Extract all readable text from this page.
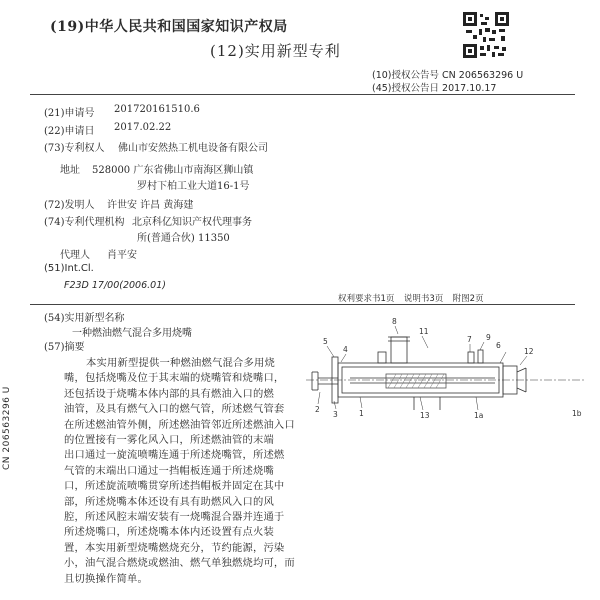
(19)中华人民共和国国家知识产权局
(12)实用新型专利
(10)授权公告号 CN 206563296 U
(45)授权公告日 2017.10.17
(21)申请号 201720161510.6
(22)申请日 2017.02.22
(73)专利权人 佛山市安然热工机电设备有限公司
地址 528000 广东省佛山市南海区狮山镇
罗村下柏工业大道16-1号
(72)发明人 许世安 许昌 黄海建
(74)专利代理机构 北京科亿知识产权代理事务
所(普通合伙) 11350
代理人 肖平安
(51)Int.Cl.
F23D 17/00(2006.01)
权利要求书1页 说明书3页 附图2页
(54)实用新型名称
一种燃油燃气混合多用烧嘴
(57)摘要
本实用新型提供一种燃油燃气混合多用烧
嘴，包括烧嘴及位于其末端的烧嘴管和烧嘴口，
还包括设于烧嘴本体内部的具有燃油入口的燃
油管，及具有燃气入口的燃气管，所述燃气管套
在所述燃油管外侧，所述燃油管邻近所述燃油入口
的位置接有一雾化风入口，所述燃油管的末端
出口通过一旋流喷嘴连通于所述烧嘴管，所述燃
气管的末端出口通过一挡帽板连通于所述烧嘴
口，所述旋流喷嘴贯穿所述挡帽板并固定在其中
部，所述烧嘴本体还设有具有助燃风入口的风
腔，所述风腔末端安装有一烧嘴混合器并连通于
所述烧嘴口，所述烧嘴本体内还设置有点火装
置，本实用新型烧嘴燃烧充分，节约能源，污染
小，油气混合燃烧或燃油、燃气单独燃烧均可，而
且切换操作简单。
CN 206563296 U
8
11
5
4
7
6
9
12
2
3	1	13	1a	1b
